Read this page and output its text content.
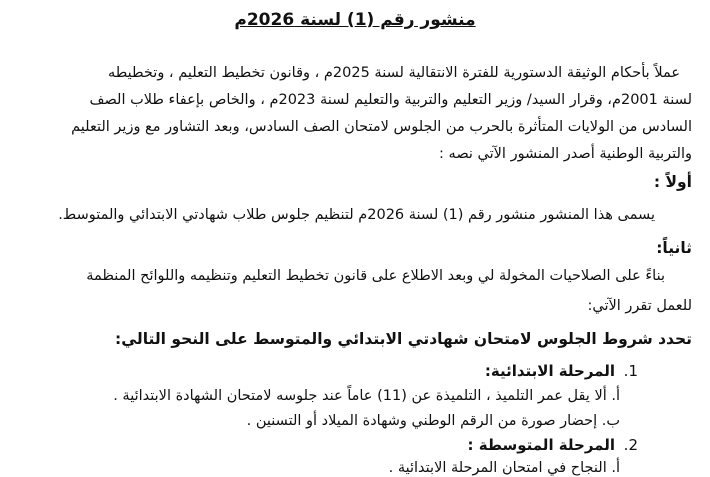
منشور رقم (1) لسنة 2026م
عملاً بأحكام الوثيقة الدستورية للفترة الانتقالية لسنة 2025م ، وقانون تخطيط التعليم ، وتخطيطه
لسنة 2001م، وقرار السيد/ وزير التعليم والتربية والتعليم لسنة 2023م ، والخاص بإعفاء طلاب الصف
السادس من الولايات المتأثرة بالحرب من الجلوس لامتحان الصف السادس، وبعد التشاور مع وزير التعليم
والتربية الوطنية أصدر المنشور الآتي نصه :
أولاً :
يسمى هذا المنشور منشور رقم (1) لسنة 2026م لتنظيم جلوس طلاب شهادتي الابتدائي والمتوسط.
ثانياً:
بناءً على الصلاحيات المخولة لي وبعد الاطلاع على قانون تخطيط التعليم وتنظيمه واللوائح المنظمة
للعمل تقرر الآتي:
تحدد شروط الجلوس لامتحان شهادتي الابتدائي والمتوسط على النحو التالي:
1.
المرحلة الابتدائية:
أ. ألا يقل عمر التلميذ ، التلميذة عن (11) عاماً عند جلوسه لامتحان الشهادة الابتدائية .
ب. إحضار صورة من الرقم الوطني وشهادة الميلاد أو التسنين .
2.
المرحلة المتوسطة :
أ. النجاح في امتحان المرحلة الابتدائية .
